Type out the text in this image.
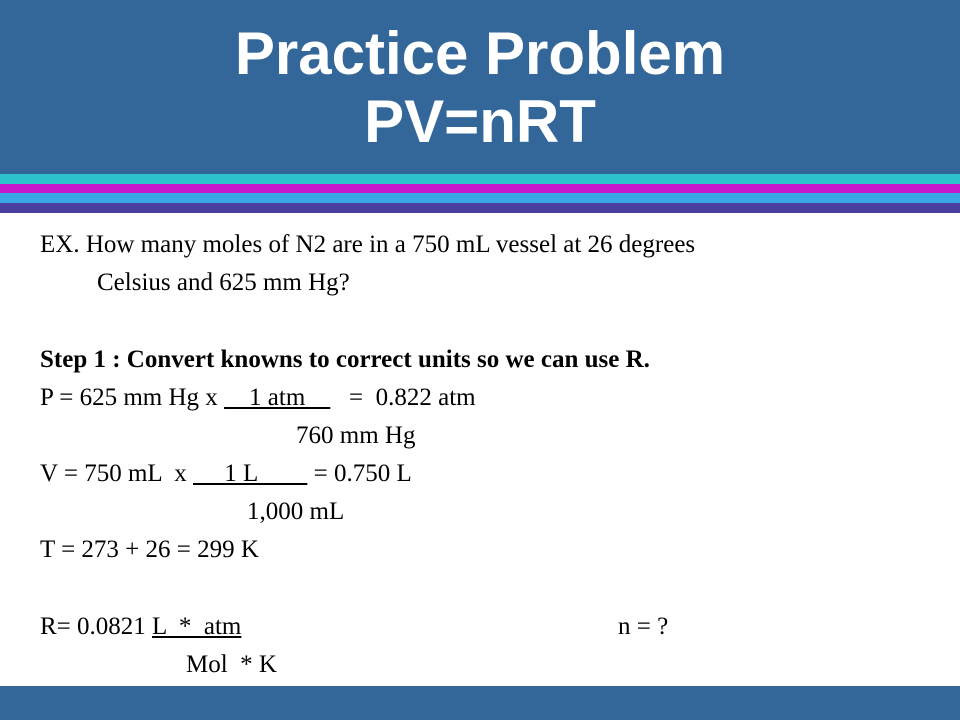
Practice Problem
PV=nRT
EX. How many moles of N2 are in a 750 mL vessel at 26 degrees
Celsius and 625 mm Hg?
Step 1 : Convert knowns to correct units so we can use R.
P = 625 mm Hg x     1 atm       =  0.822 atm
760 mm Hg
V = 750 mL  x      1 L         = 0.750 L
1,000 mL
T = 273 + 26 = 299 K
R= 0.0821 L  *  atm	n = ?
Mol  * K
